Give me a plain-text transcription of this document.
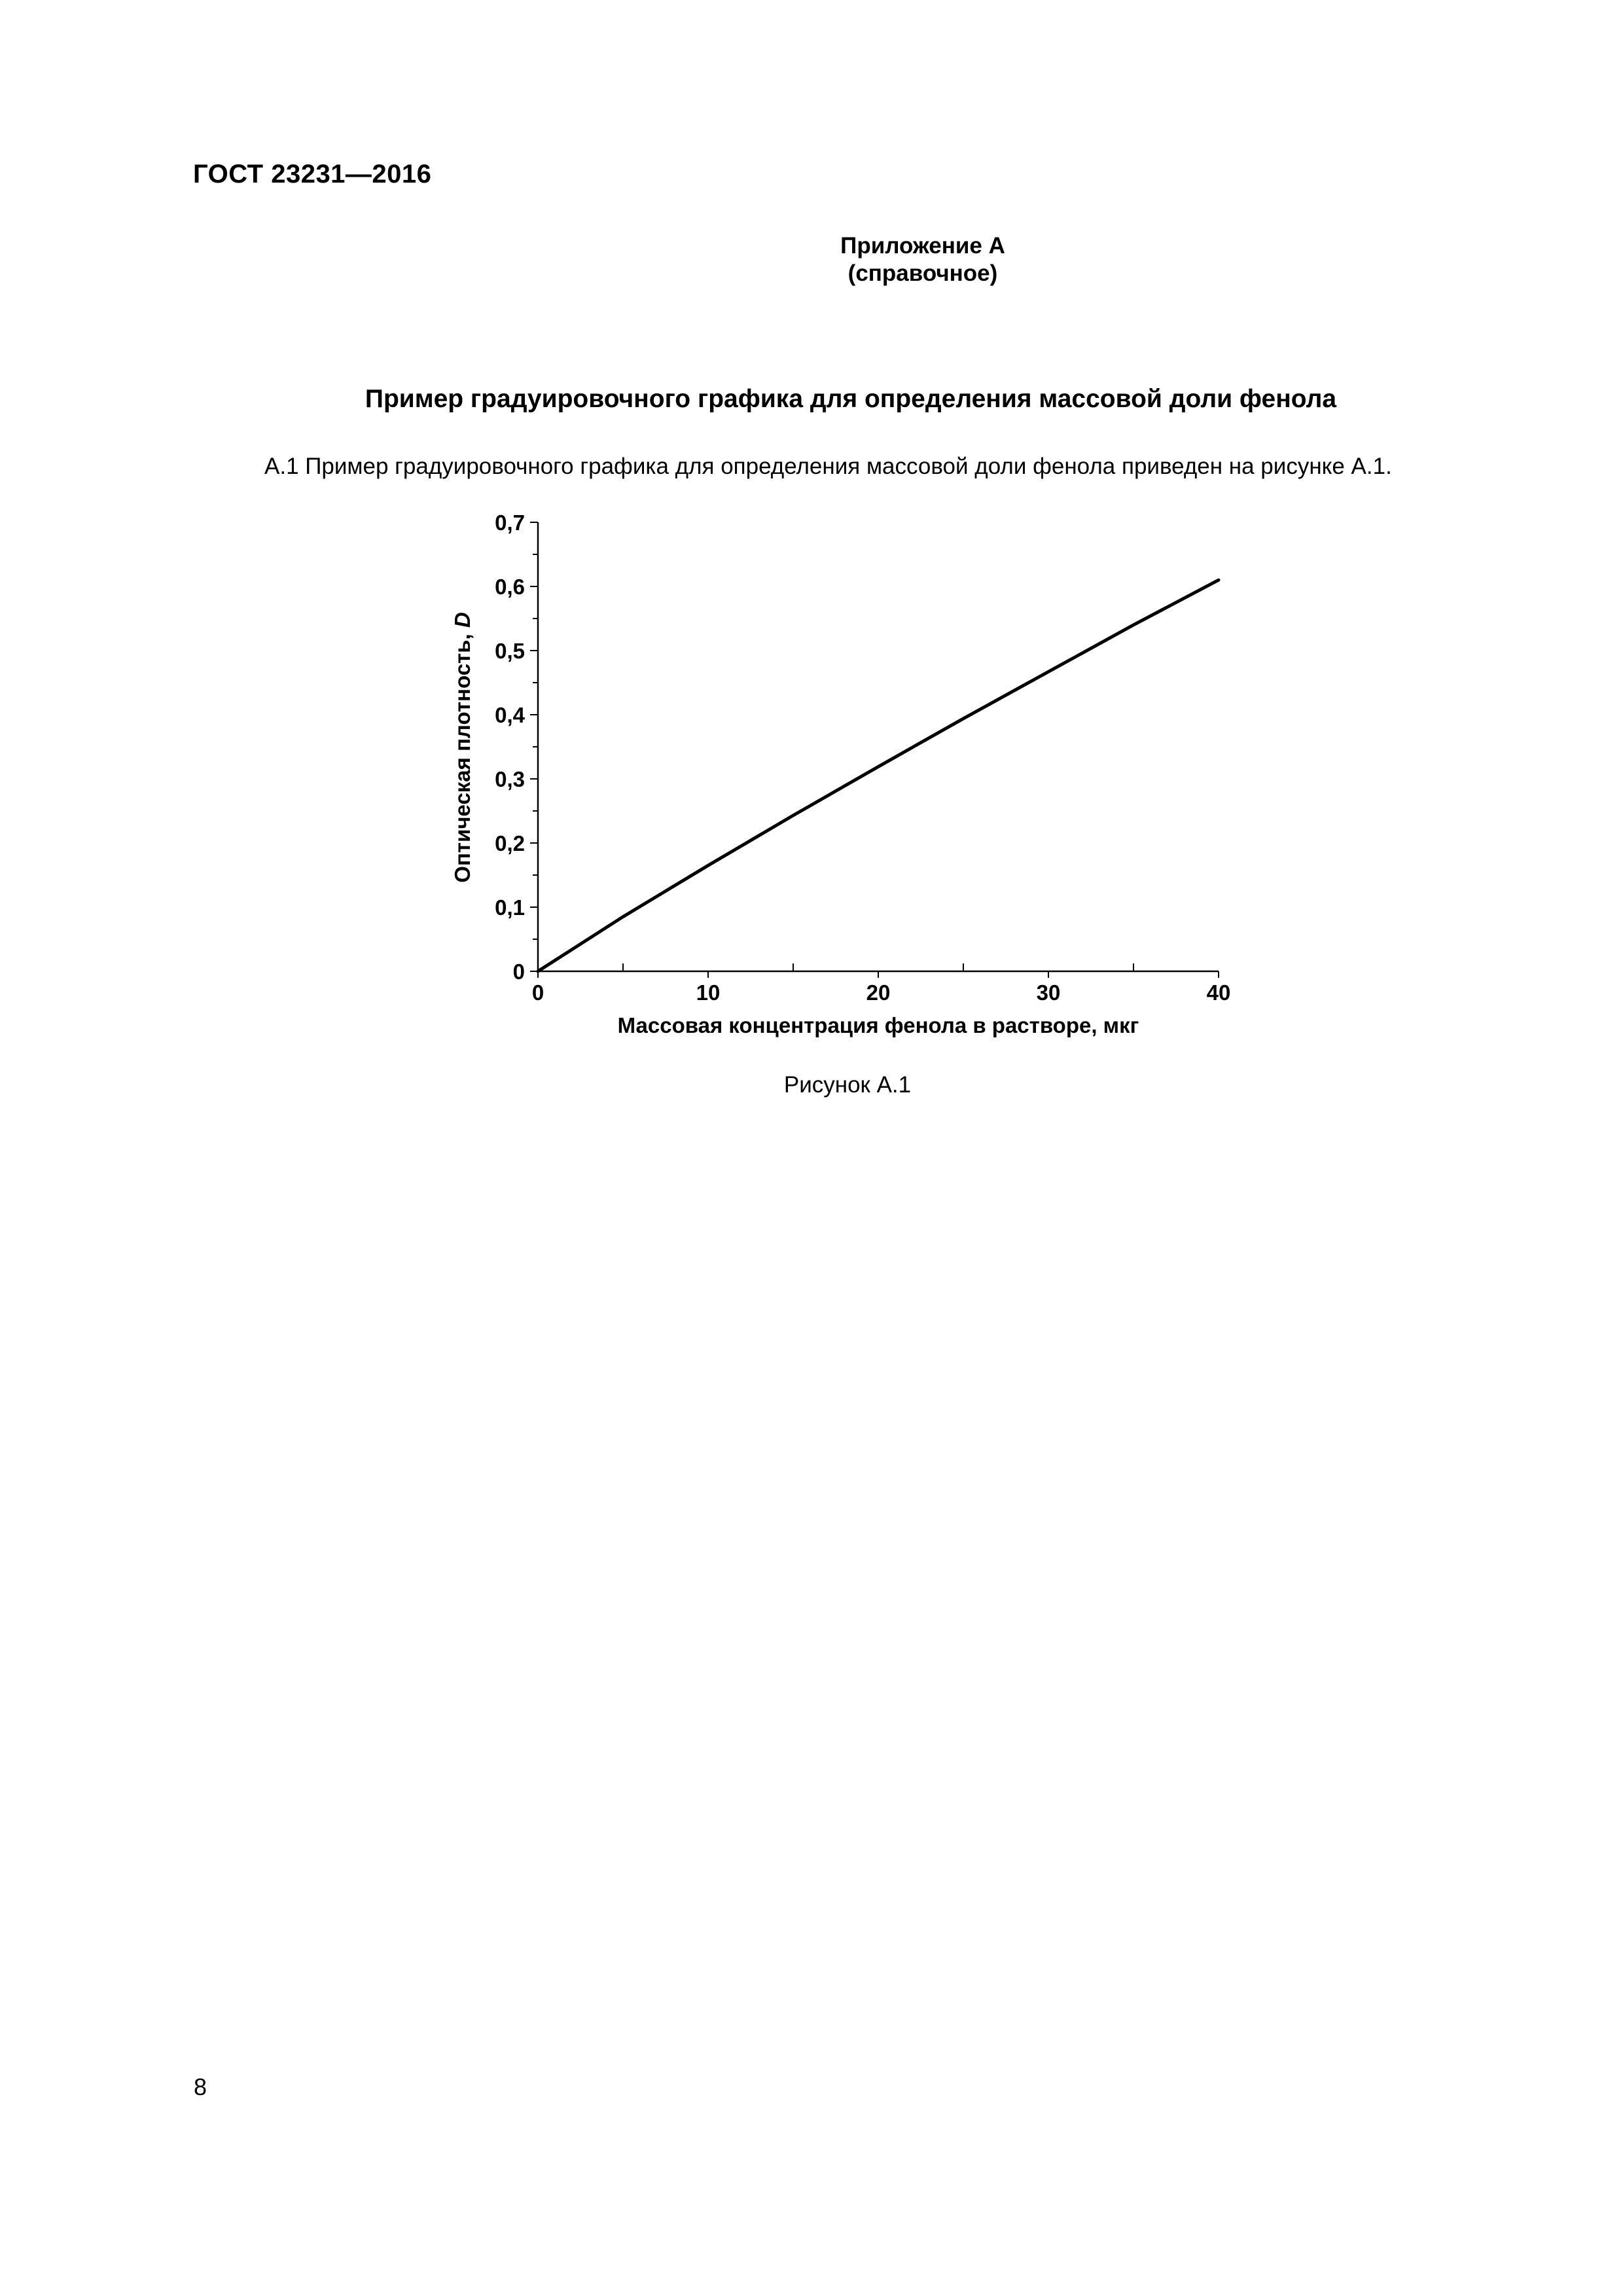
ГОСТ 23231—2016
Приложение А
(справочное)
Пример градуировочного графика для определения массовой доли фенола
А.1 Пример градуировочного графика для определения массовой доли фенола приведен на рисунке А.1.
0
0,1
0,2
0,3
0,4
0,5
0,6
0,7
0	10	20	30	40
Массовая концентрация фенола в растворе, мкг
Оптическая плотность, D
Рисунок А.1
8
